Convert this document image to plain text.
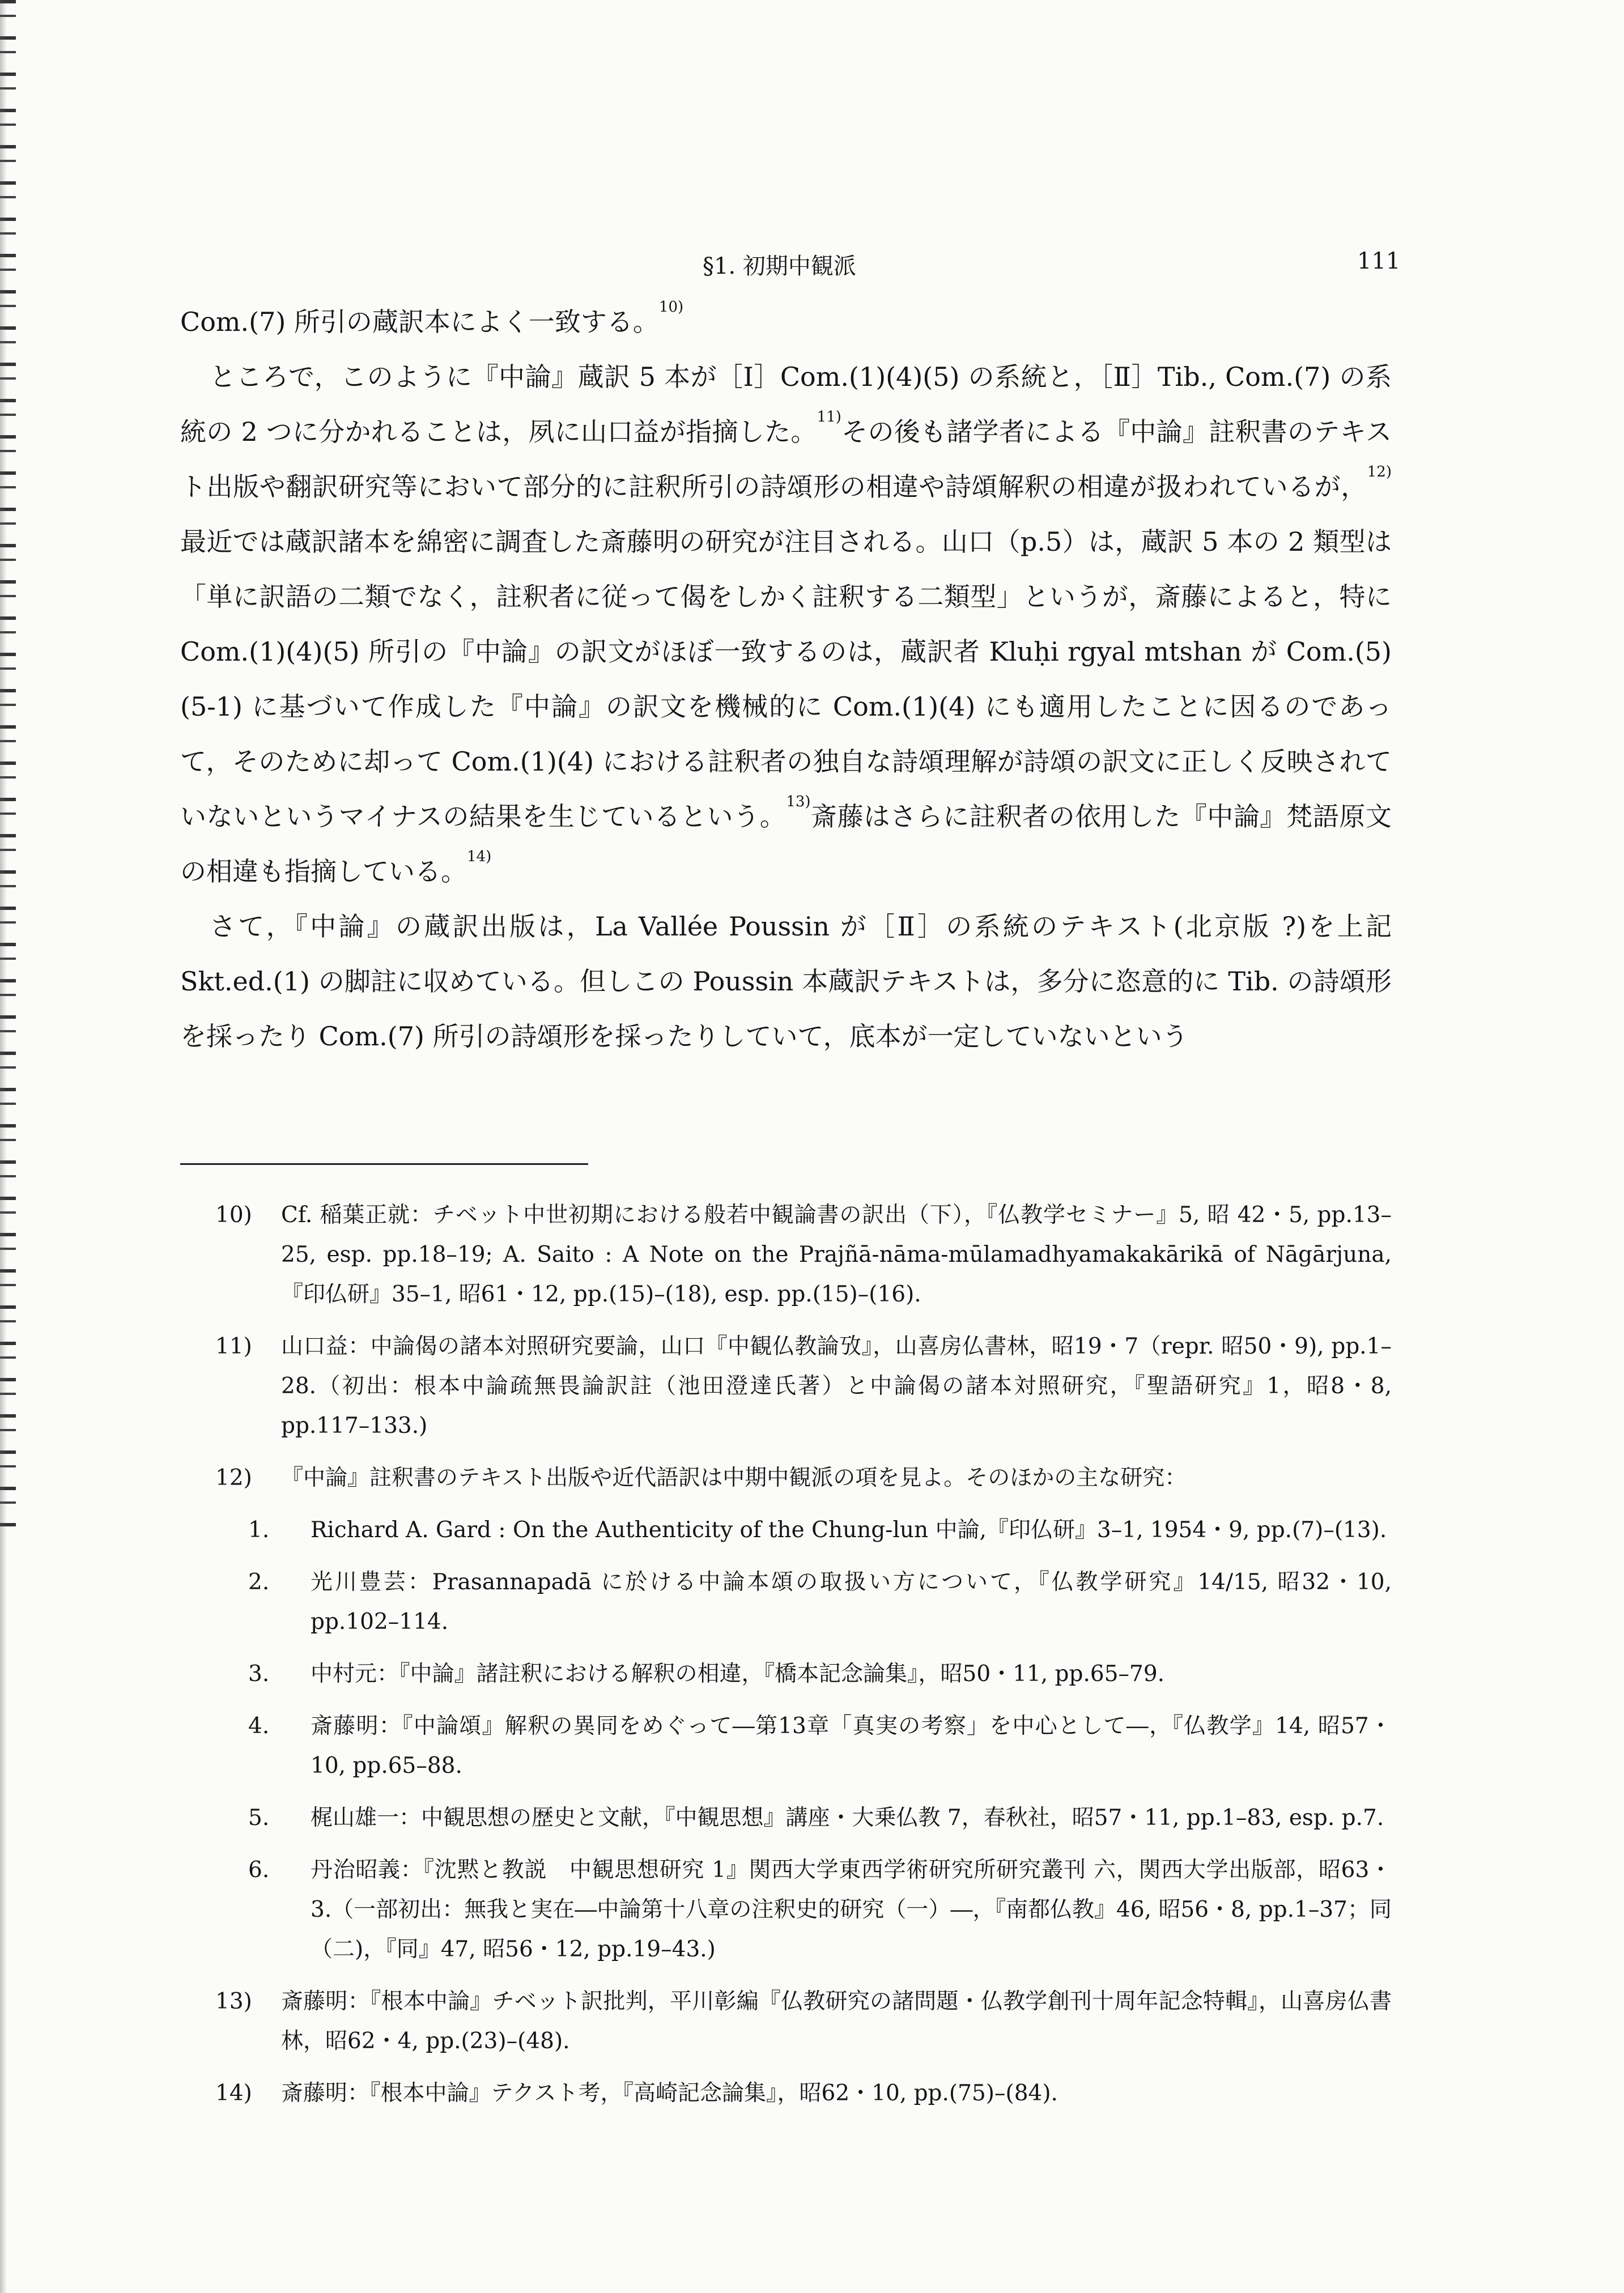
§1. 初期中観派	111

Com.(7) 所引の蔵訳本によく一致する。$^{10)}$

ところで，このように『中論』蔵訳 5 本が［Ⅰ］Com.(1)(4)(5) の系統と，［Ⅱ］Tib., Com.(7) の系統の 2 つに分かれることは，夙に山口益が指摘した。$^{11)}$その後も諸学者による『中論』註釈書のテキスト出版や翻訳研究等において部分的に註釈所引の詩頌形の相違や詩頌解釈の相違が扱われているが，$^{12)}$最近では蔵訳諸本を綿密に調査した斎藤明の研究が注目される。山口（p.5）は，蔵訳 5 本の 2 類型は「単に訳語の二類でなく，註釈者に従って偈をしかく註釈する二類型」というが，斎藤によると，特に Com.(1)(4)(5) 所引の『中論』の訳文がほぼ一致するのは，蔵訳者 Kluḥi rgyal mtshan が Com.(5)(5-1) に基づいて作成した『中論』の訳文を機械的に Com.(1)(4) にも適用したことに因るのであって，そのために却って Com.(1)(4) における註釈者の独自な詩頌理解が詩頌の訳文に正しく反映されていないというマイナスの結果を生じているという。$^{13)}$斎藤はさらに註釈者の依用した『中論』梵語原文の相違も指摘している。$^{14)}$

さて，『中論』の蔵訳出版は，La Vallée Poussin が［Ⅱ］の系統のテキスト(北京版 ?)を上記 Skt.ed.(1) の脚註に収めている。但しこの Poussin 本蔵訳テキストは，多分に恣意的に Tib. の詩頌形を採ったり Com.(7) 所引の詩頌形を採ったりしていて，底本が一定していないという

10)	Cf. 稲葉正就：チベット中世初期における般若中観論書の訳出（下），『仏教学セミナー』5, 昭 42・5, pp.13–25, esp. pp.18–19; A. Saito : A Note on the Prajñā-nāma-mūlamadhyamakakārikā of Nāgārjuna,『印仏研』35–1, 昭61・12, pp.(15)–(18), esp. pp.(15)–(16).
11)	山口益：中論偈の諸本対照研究要論，山口『中観仏教論攷』，山喜房仏書林，昭19・7（repr. 昭50・9), pp.1–28.（初出：根本中論疏無畏論訳註（池田澄達氏著）と中論偈の諸本対照研究，『聖語研究』1，昭8・8, pp.117–133.)
12)	『中論』註釈書のテキスト出版や近代語訳は中期中観派の項を見よ。そのほかの主な研究：
1. Richard A. Gard : On the Authenticity of the Chung-lun 中論,『印仏研』3–1, 1954・9, pp.(7)–(13).
2. 光川豊芸：Prasannapadā に於ける中論本頌の取扱い方について，『仏教学研究』14/15, 昭32・10, pp.102–114.
3. 中村元：『中論』諸註釈における解釈の相違，『橋本記念論集』，昭50・11, pp.65–79.
4. 斎藤明：『中論頌』解釈の異同をめぐって―第13章「真実の考察」を中心として―，『仏教学』14, 昭57・10, pp.65–88.
5. 梶山雄一：中観思想の歴史と文献，『中観思想』講座・大乗仏教 7，春秋社，昭57・11, pp.1–83, esp. p.7.
6. 丹治昭義：『沈黙と教説　中観思想研究 1』関西大学東西学術研究所研究叢刊 六，関西大学出版部，昭63・3.（一部初出：無我と実在―中論第十八章の注釈史的研究（一）―，『南都仏教』46, 昭56・8, pp.1–37；同（二)，『同』47, 昭56・12, pp.19–43.)
13)	斎藤明：『根本中論』チベット訳批判，平川彰編『仏教研究の諸問題・仏教学創刊十周年記念特輯』，山喜房仏書林，昭62・4, pp.(23)–(48).
14)	斎藤明：『根本中論』テクスト考，『高崎記念論集』，昭62・10, pp.(75)–(84).
